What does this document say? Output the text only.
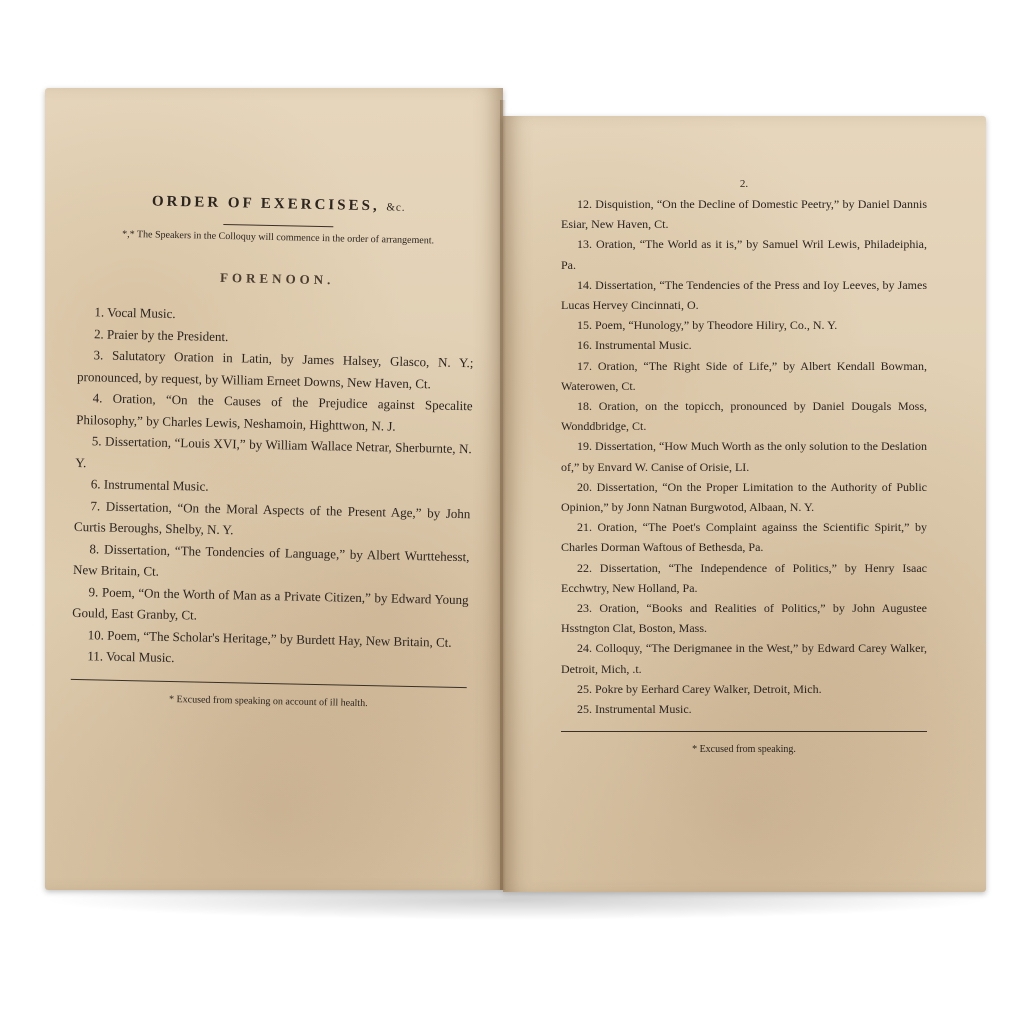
ORDER OF EXERCISES, &c.
*,* The Speakers in the Colloquy will commence in the order of arrangement.
FORENOON.
1. Vocal Music.
2. Praier by the President.
3. Salutatory Oration in Latin, by James Halsey, Glasco, N. Y.; pronounced, by request, by William Erneet Downs, New Haven, Ct.
4. Oration, “On the Causes of the Prejudice against Specalite Philosophy,” by Charles Lewis, Neshamoin, Highttwon, N. J.
5. Dissertation, “Louis XVI,” by William Wallace Netrar, Sherburnte, N. Y.
6. Instrumental Music.
7. Dissertation, “On the Moral Aspects of the Present Age,” by John Curtis Beroughs, Shelby, N. Y.
8. Dissertation, “The Tondencies of Language,” by Albert Wurttehesst, New Britain, Ct.
9. Poem, “On the Worth of Man as a Private Citizen,” by Edward Young Gould, East Granby, Ct.
10. Poem, “The Scholar's Heritage,” by Burdett Hay, New Britain, Ct.
11. Vocal Music.
* Excused from speaking on account of ill health.
2.
12. Disquistion, “On the Decline of Domestic Peetry,” by Daniel Dannis Esiar, New Haven, Ct.
13. Oration, “The World as it is,” by Samuel Wril Lewis, Philadeiphia, Pa.
14. Dissertation, “The Tendencies of the Press and Ioy Leeves, by James Lucas Hervey Cincinnati, O.
15. Poem, “Hunology,” by Theodore Hiliry, Co., N. Y.
16. Instrumental Music.
17. Oration, “The Right Side of Life,” by Albert Kendall Bowman, Waterowen, Ct.
18. Oration, on the topicch, pronounced by Daniel Dougals Moss, Wonddbridge, Ct.
19. Dissertation, “How Much Worth as the only solution to the Deslation of,” by Envard W. Canise of Orisie, LI.
20. Dissertation, “On the Proper Limitation to the Authority of Public Opinion,” by Jonn Natnan Burgwotod, Albaan, N. Y.
21. Oration, “The Poet's Complaint againss the Scientific Spirit,” by Charles Dorman Waftous of Bethesda, Pa.
22. Dissertation, “The Independence of Politics,” by Henry Isaac Ecchwtry, New Holland, Pa.
23. Oration, “Books and Realities of Politics,” by John Augustee Hsstngton Clat, Boston, Mass.
24. Colloquy, “The Derigmanee in the West,” by Edward Carey Walker, Detroit, Mich, .t.
25. Pokre by Eerhard Carey Walker, Detroit, Mich.
25. Instrumental Music.
* Excused from speaking.
